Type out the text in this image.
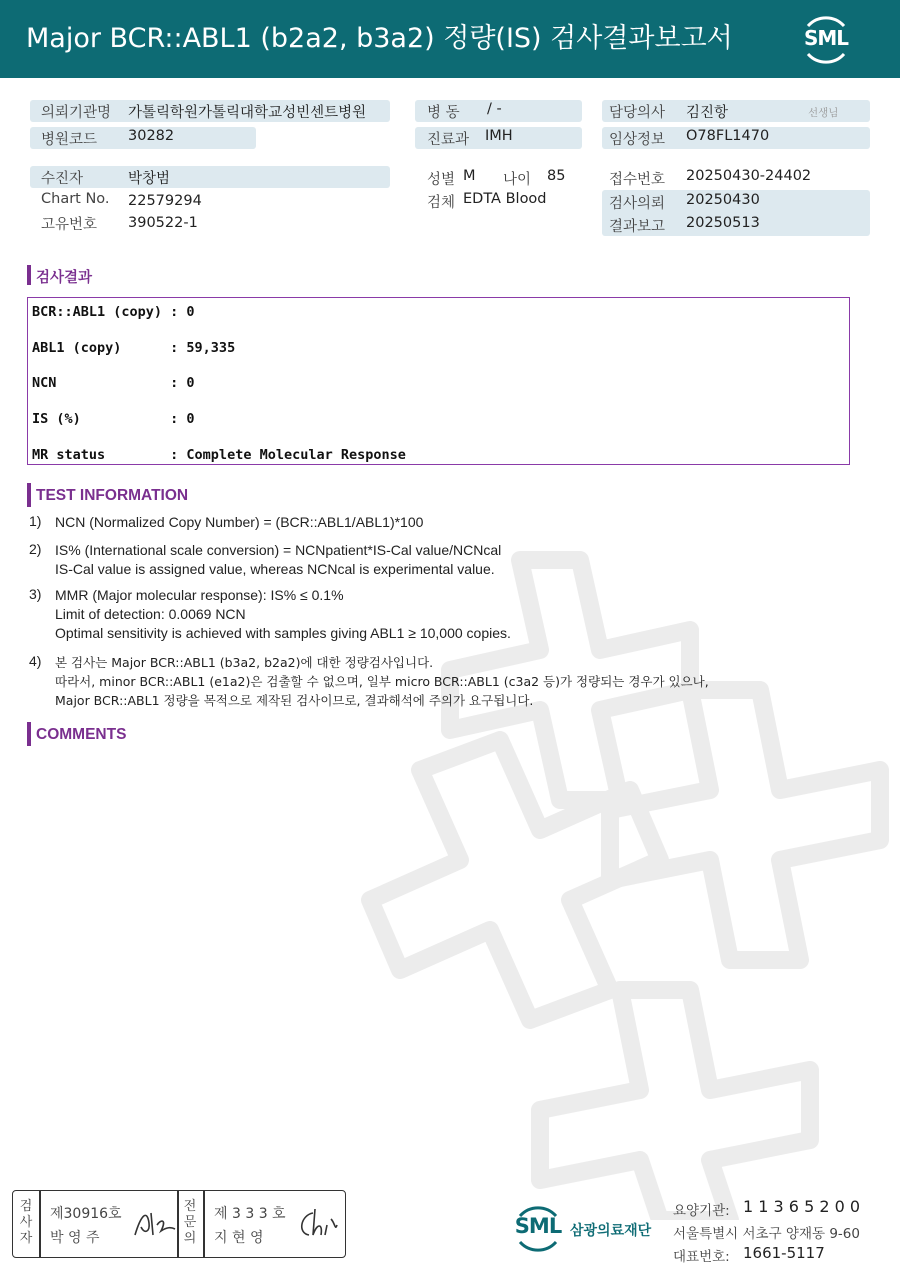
Major BCR::ABL1 (b2a2, b3a2) 정량(IS) 검사결과보고서	SML
의뢰기관명 가톨릭학원가톨릭대학교성빈센트병원
병원코드 30282
병 동 / -
진료과 IMH
담당의사 김진항	선생님
임상정보 O78FL1470
수진자	박창범
Chart No. 22579294
고유번호 390522-1
성별 M 나이 85
검체 EDTA Blood
접수번호 20250430-24402
검사의뢰 20250430
결과보고 20250513
검사결과
BCR::ABL1 (copy) : 0
ABL1 (copy)      : 59,335
NCN              : 0
IS (%)           : 0
MR status        : Complete Molecular Response
TEST INFORMATION
1) NCN (Normalized Copy Number) = (BCR::ABL1/ABL1)*100
2) IS% (International scale conversion) = NCNpatient*IS-Cal value/NCNcal
IS-Cal value is assigned value, whereas NCNcal is experimental value.
3) MMR (Major molecular response): IS% ≤ 0.1%
Limit of detection: 0.0069 NCN
Optimal sensitivity is achieved with samples giving ABL1 ≥ 10,000 copies.
4) 본 검사는 Major BCR::ABL1 (b3a2, b2a2)에 대한 정량검사입니다.
따라서, minor BCR::ABL1 (e1a2)은 검출할 수 없으며, 일부 micro BCR::ABL1 (c3a2 등)가 정량되는 경우가 있으나,
Major BCR::ABL1 정량을 목적으로 제작된 검사이므로, 결과해석에 주의가 요구됩니다.
COMMENTS
검
사
자
제30916호
박 영 주
전
문
의
제 3 3 3 호
지 현 영	SML 삼광의료재단
요양기관: 1 1 3 6 5 2 0 0
서울특별시 서초구 양재동 9-60
대표번호: 1661-5117
